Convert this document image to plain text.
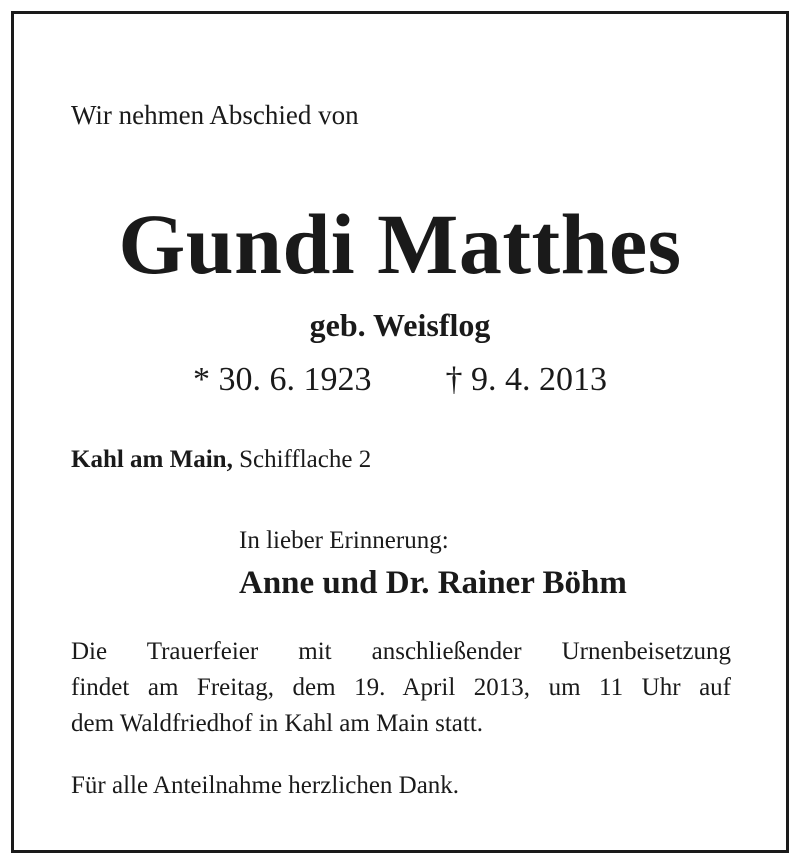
Wir nehmen Abschied von

Gundi Matthes

geb. Weisflog

* 30. 6. 1923 † 9. 4. 2013

Kahl am Main, Schifflache 2

In lieber Erinnerung:

Anne und Dr. Rainer Böhm

Die Trauerfeier mit anschließender Urnenbeisetzung
findet am Freitag, dem 19. April 2013, um 11 Uhr auf
dem Waldfriedhof in Kahl am Main statt.

Für alle Anteilnahme herzlichen Dank.
